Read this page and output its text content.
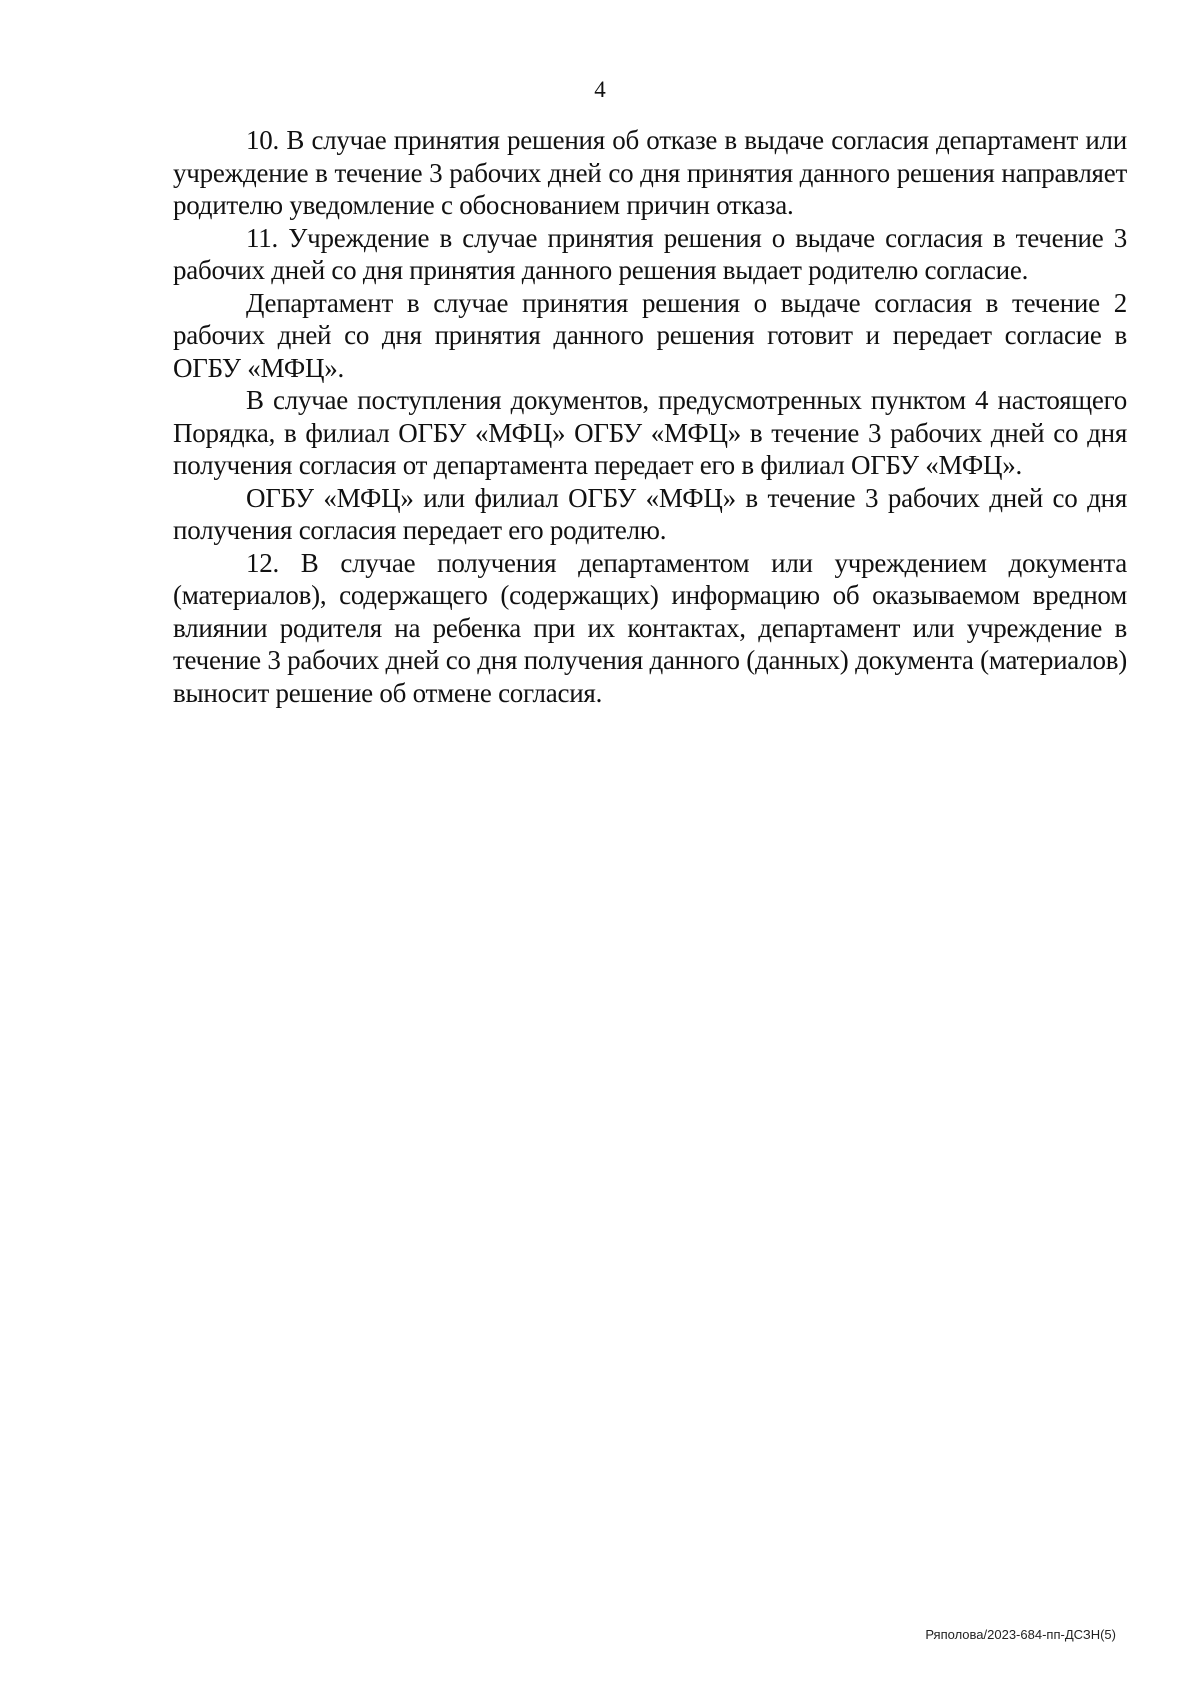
4

10. В случае принятия решения об отказе в выдаче согласия департамент или учреждение в течение 3 рабочих дней со дня принятия данного решения направляет родителю уведомление с обоснованием причин отказа.

11. Учреждение в случае принятия решения о выдаче согласия в течение 3 рабочих дней со дня принятия данного решения выдает родителю согласие.

Департамент в случае принятия решения о выдаче согласия в течение 2 рабочих дней со дня принятия данного решения готовит и передает согласие в ОГБУ «МФЦ».

В случае поступления документов, предусмотренных пунктом 4 настоящего Порядка, в филиал ОГБУ «МФЦ» ОГБУ «МФЦ» в течение 3 рабочих дней со дня получения согласия от департамента передает его в филиал ОГБУ «МФЦ».

ОГБУ «МФЦ» или филиал ОГБУ «МФЦ» в течение 3 рабочих дней со дня получения согласия передает его родителю.

12. В случае получения департаментом или учреждением документа (материалов), содержащего (содержащих) информацию об оказываемом вредном влиянии родителя на ребенка при их контактах, департамент или учреждение в течение 3 рабочих дней со дня получения данного (данных) документа (материалов) выносит решение об отмене согласия.

Ряполова/2023-684-пп-ДСЗН(5)
